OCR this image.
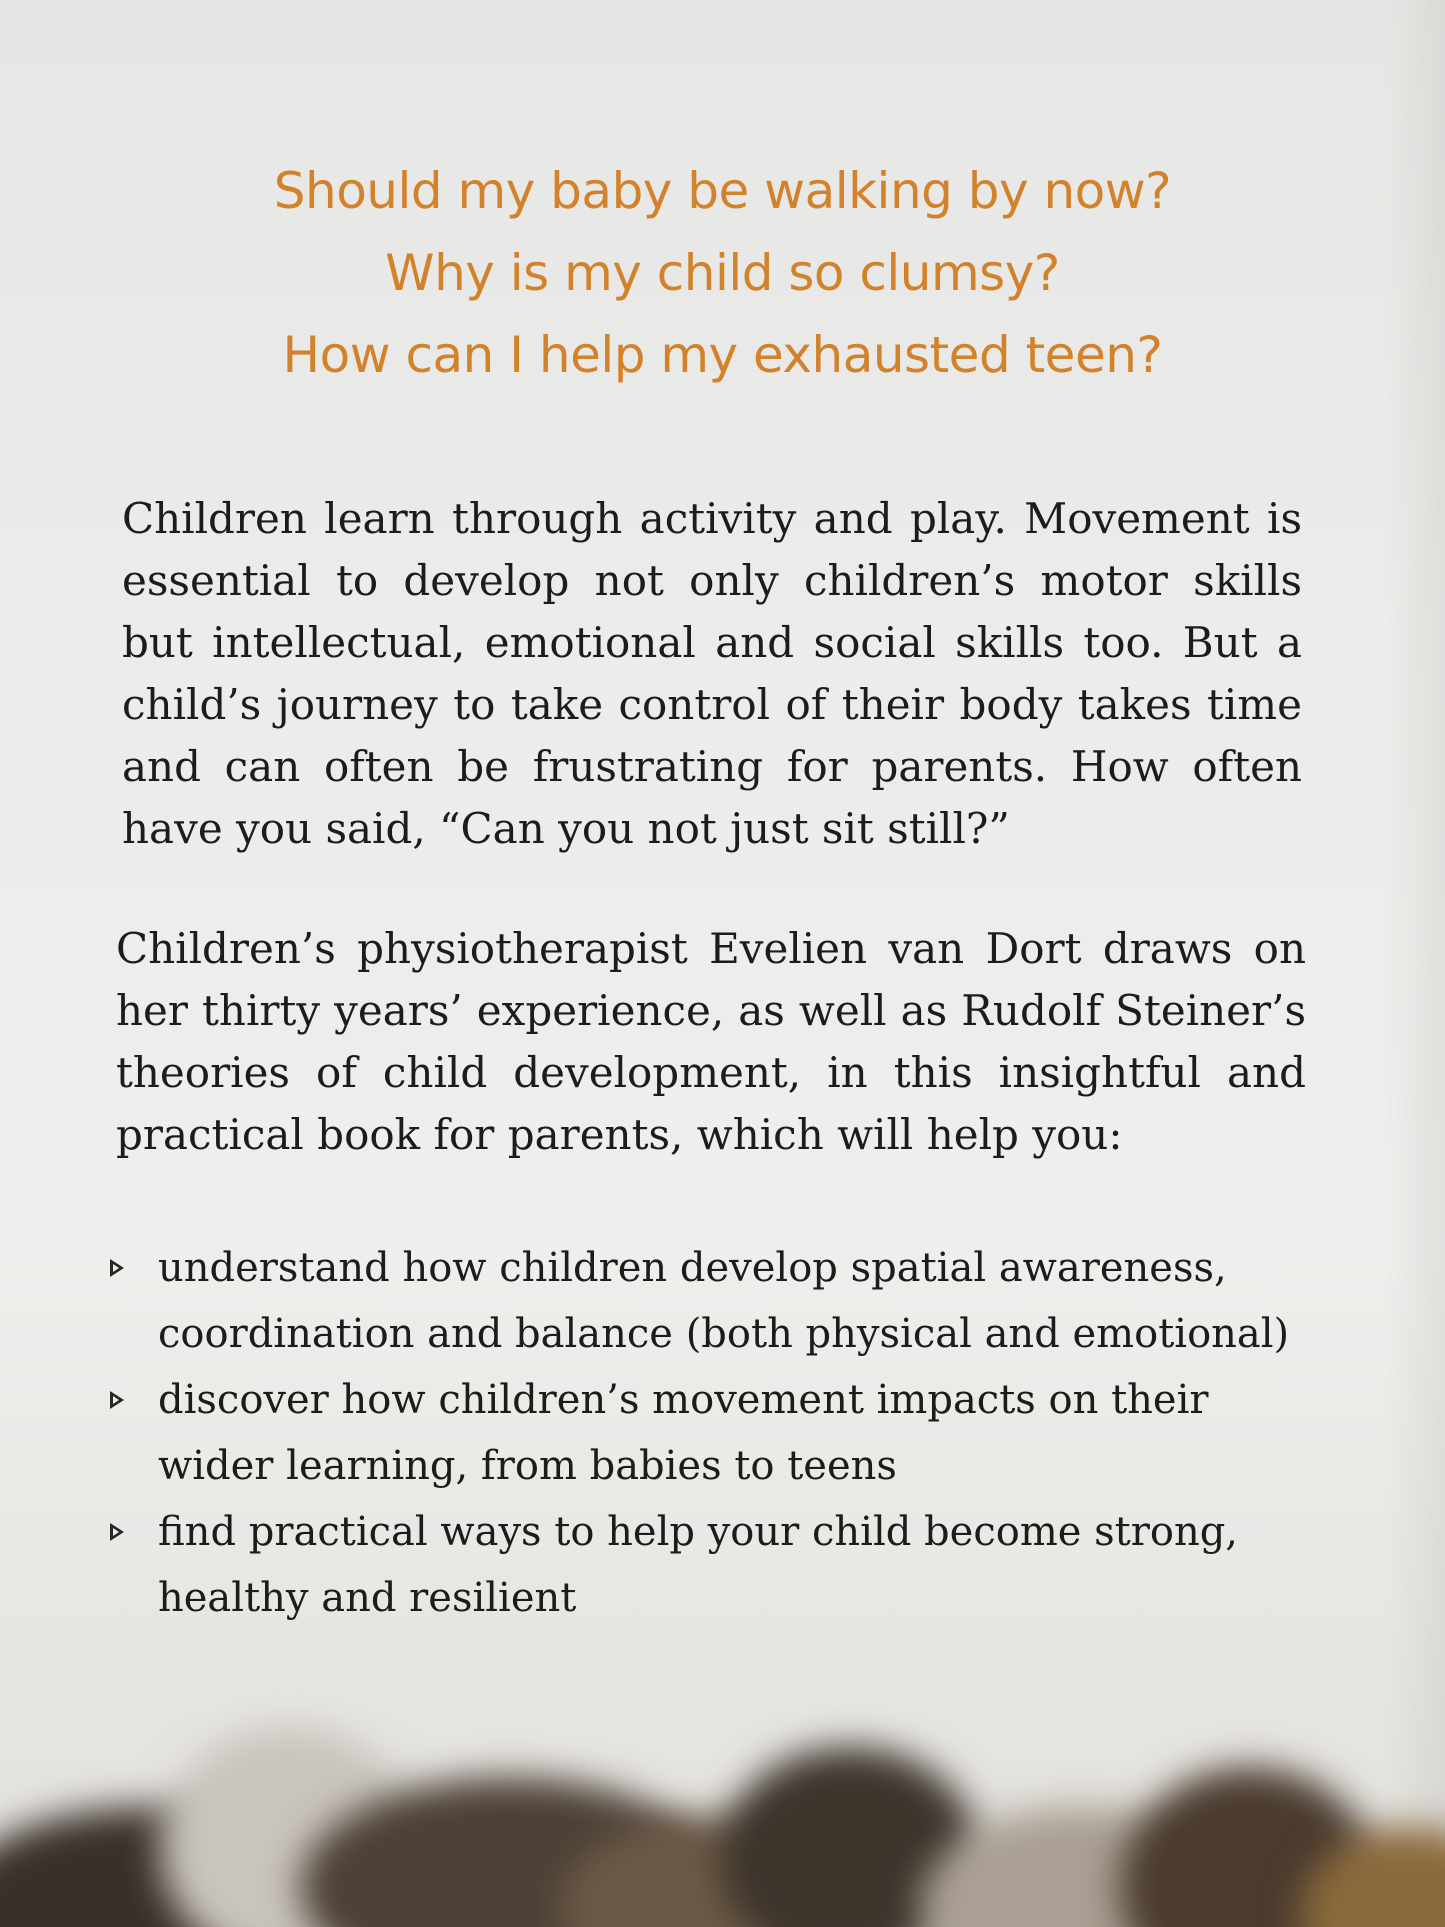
Should my baby be walking by now?
Why is my child so clumsy?
How can I help my exhausted teen?
Children learn through activity and play. Movement is essential to develop not only children’s motor skills but intellectual, emotional and social skills too. But a child’s journey to take control of their body takes time and can often be frustrating for parents. How often have you said, “Can you not just sit still?”
Children’s physiotherapist Evelien van Dort draws on her thirty years’ experience, as well as Rudolf Steiner’s theories of child development, in this insightful and practical book for parents, which will help you:
understand how children develop spatial awareness, coordination and balance (both physical and emotional)
discover how children’s movement impacts on their wider learning, from babies to teens
find practical ways to help your child become strong, healthy and resilient
